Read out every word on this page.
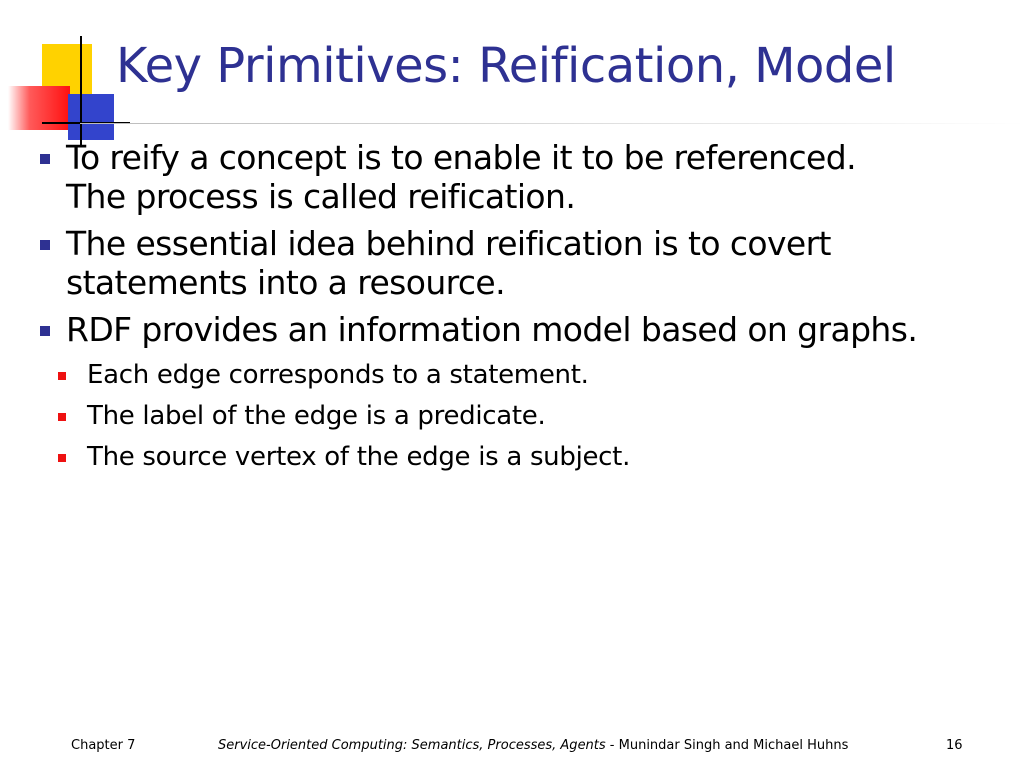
Key Primitives: Reification, Model
To reify a concept is to enable it to be referenced.
The process is called reification.
The essential idea behind reification is to covert
statements into a resource.
RDF provides an information model based on graphs.
Each edge corresponds to a statement.
The label of the edge is a predicate.
The source vertex of the edge is a subject.
Chapter 7	Service-Oriented Computing: Semantics, Processes, Agents - Munindar Singh and Michael Huhns	16
